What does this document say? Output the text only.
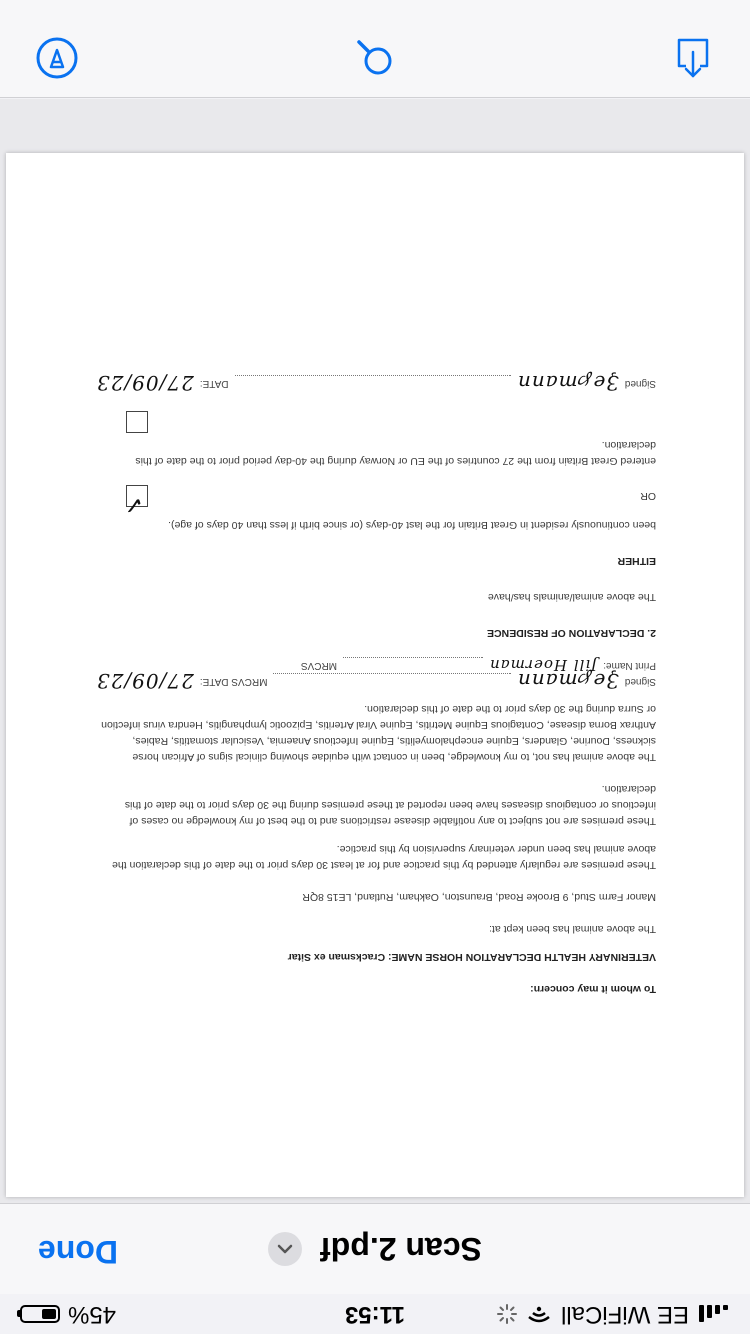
EE WiFiCall
11:53
45%
Scan 2.pdf
Done

To whom it may concern:

VETERINARY HEALTH DECLARATION HORSE NAME: Cracksman ex Sitar

The above animal has been kept at:

Manor Farm Stud, 9 Brooke Road, Braunston, Oakham, Rutland, LE15 8QR

These premises are regularly attended by this practice and for at least 30 days prior to the date of this declaration the above animal has been under veterinary supervision by this practice.

These premises are not subject to any notifiable disease restrictions and to the best of my knowledge no cases of infectious or contagious diseases have been reported at these premises during the 30 days prior to the date of this declaration.

The above animal has not, to my knowledge, been in contact with equidae showing clinical signs of African horse sickness, Dourine, Glanders, Equine encephalomyelitis, Equine Infectious Anaemia, Vesicular stomatitis, Rabies, Anthrax Borna disease, Contagious Equine Metritis, Equine Viral Arteritis, Epizootic lymphangitis, Hendra virus infection or Surra during the 30 days prior to the date of this declaration.

Signed
Ҙe℘mann
MRCVS DATE:
27/09/23
Print Name:
Jill Hoerman
MRCVS

2. DECLARATION OF RESIDENCE

The above animal/animals has/have

EITHER

been continuously resident in Great Britain for the last 40-days (or since birth if less than 40 days of age).

OR

✓

entered Great Britain from the 27 countries of the EU or Norway during the 40-day period prior to the date of this declaration.

Signed
Ҙe℘mann
DATE:
27/09/23
